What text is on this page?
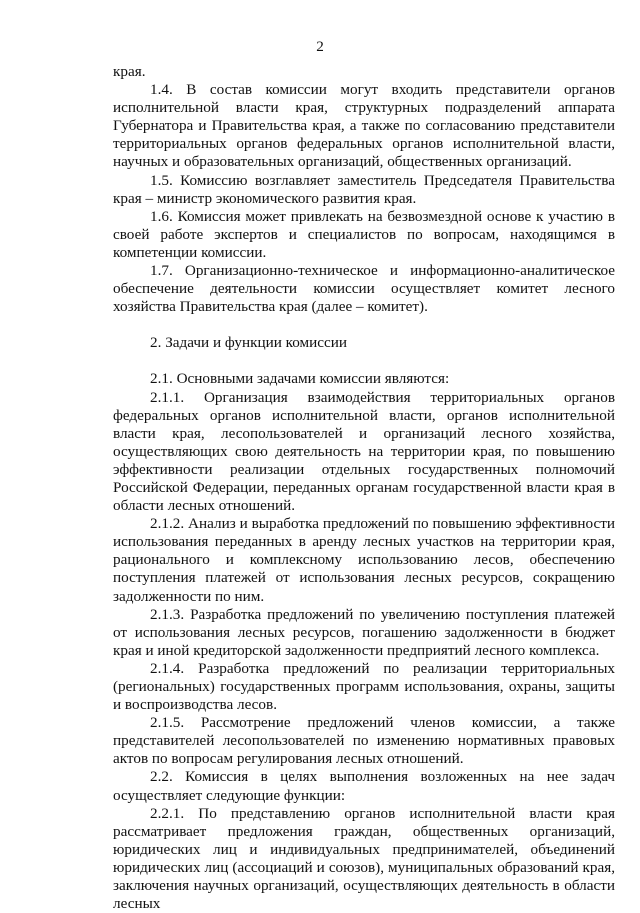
2

края.

1.4. В состав комиссии могут входить представители органов исполнительной власти края, структурных подразделений аппарата Губернатора и Правительства края, а также по согласованию представители территориальных органов федеральных органов исполнительной власти, научных и образовательных организаций, общественных организаций.

1.5. Комиссию возглавляет заместитель Председателя Правительства края – министр экономического развития края.

1.6. Комиссия может привлекать на безвозмездной основе к участию в своей работе экспертов и специалистов по вопросам, находящимся в компетенции комиссии.

1.7. Организационно-техническое и информационно-аналитическое обеспечение деятельности комиссии осуществляет комитет лесного хозяйства Правительства края (далее – комитет).

2. Задачи и функции комиссии

2.1. Основными задачами комиссии являются:

2.1.1. Организация взаимодействия территориальных органов федеральных органов исполнительной власти, органов исполнительной власти края, лесопользователей и организаций лесного хозяйства, осуществляющих свою деятельность на территории края, по повышению эффективности реализации отдельных государственных полномочий Российской Федерации, переданных органам государственной власти края в области лесных отношений.

2.1.2. Анализ и выработка предложений по повышению эффективности использования переданных в аренду лесных участков на территории края, рационального и комплексному использованию лесов, обеспечению поступления платежей от использования лесных ресурсов, сокращению задолженности по ним.

2.1.3. Разработка предложений по увеличению поступления платежей от использования лесных ресурсов, погашению задолженности в бюджет края и иной кредиторской задолженности предприятий лесного комплекса.

2.1.4. Разработка предложений по реализации территориальных (региональных) государственных программ использования, охраны, защиты и воспроизводства лесов.

2.1.5. Рассмотрение предложений членов комиссии, а также представителей лесопользователей по изменению нормативных правовых актов по вопросам регулирования лесных отношений.

2.2. Комиссия в целях выполнения возложенных на нее задач осуществляет следующие функции:

2.2.1. По представлению органов исполнительной власти края рассматривает предложения граждан, общественных организаций, юридических лиц и индивидуальных предпринимателей, объединений юридических лиц (ассоциаций и союзов), муниципальных образований края, заключения научных организаций, осуществляющих деятельность в области лесных
